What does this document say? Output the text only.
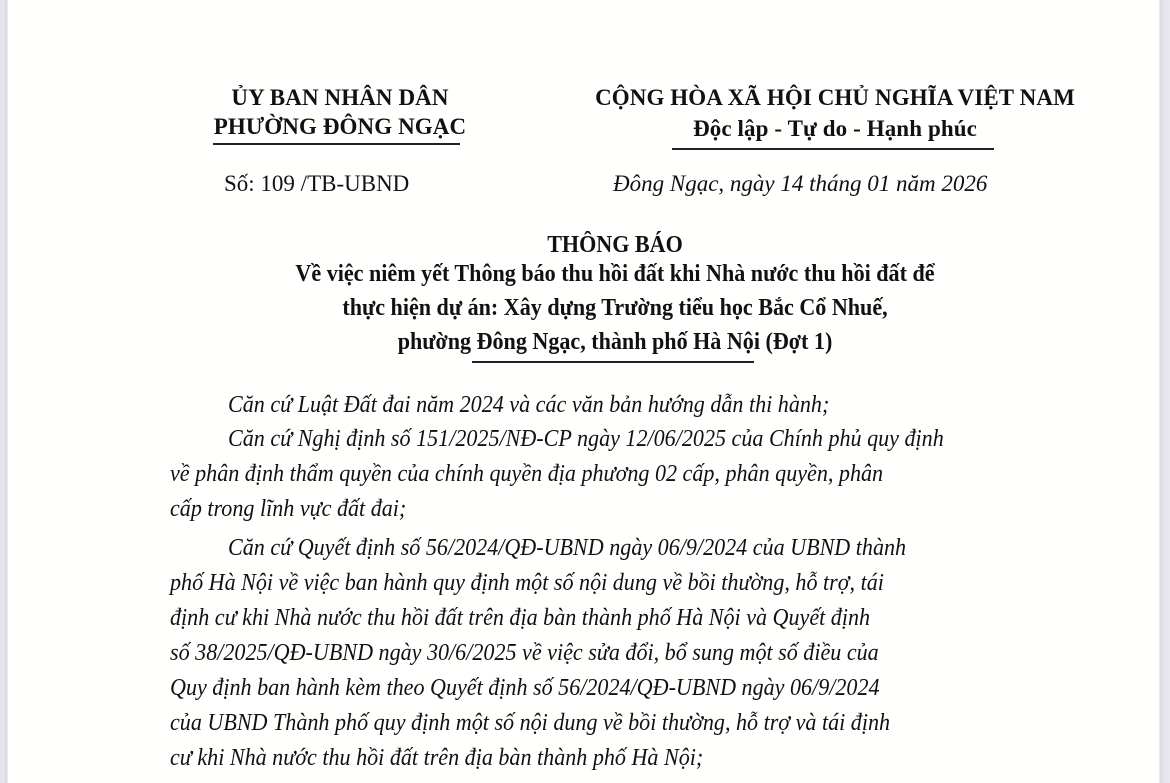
ỦY BAN NHÂN DÂN
PHƯỜNG ĐÔNG NGẠC
Số: 109 /TB-UBND
CỘNG HÒA XÃ HỘI CHỦ NGHĨA VIỆT NAM
Độc lập - Tự do - Hạnh phúc
Đông Ngạc, ngày 14 tháng 01 năm 2026
THÔNG BÁO
Về việc niêm yết Thông báo thu hồi đất khi Nhà nước thu hồi đất để
thực hiện dự án: Xây dựng Trường tiểu học Bắc Cổ Nhuế,
phường Đông Ngạc, thành phố Hà Nội (Đợt 1)
Căn cứ Luật Đất đai năm 2024 và các văn bản hướng dẫn thi hành;
Căn cứ Nghị định số 151/2025/NĐ-CP ngày 12/06/2025 của Chính phủ quy định
về phân định thẩm quyền của chính quyền địa phương 02 cấp, phân quyền, phân
cấp trong lĩnh vực đất đai;
Căn cứ Quyết định số 56/2024/QĐ-UBND ngày 06/9/2024 của UBND thành
phố Hà Nội về việc ban hành quy định một số nội dung về bồi thường, hỗ trợ, tái
định cư khi Nhà nước thu hồi đất trên địa bàn thành phố Hà Nội và Quyết định
số 38/2025/QĐ-UBND ngày 30/6/2025 về việc sửa đổi, bổ sung một số điều của
Quy định ban hành kèm theo Quyết định số 56/2024/QĐ-UBND ngày 06/9/2024
của UBND Thành phố quy định một số nội dung về bồi thường, hỗ trợ và tái định
cư khi Nhà nước thu hồi đất trên địa bàn thành phố Hà Nội;
